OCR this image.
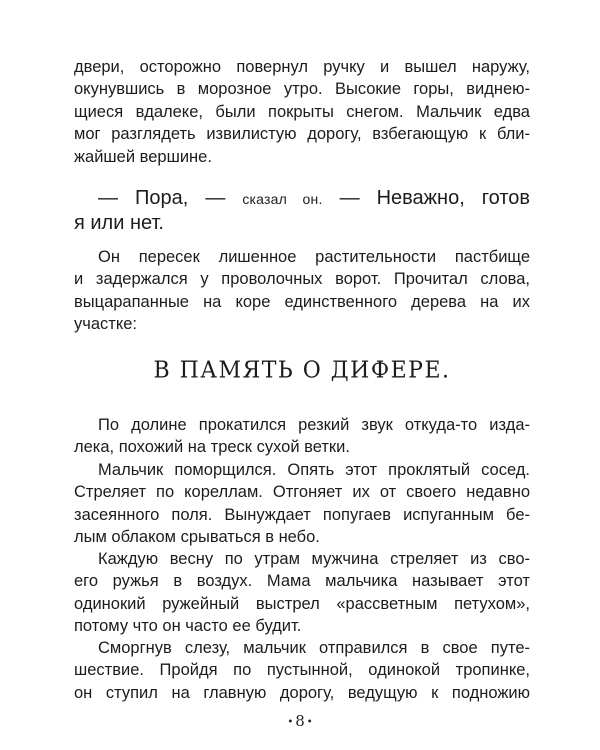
двери, осторожно повернул ручку и вышел наружу,
окунувшись в морозное утро. Высокие горы, виднею-
щиеся вдалеке, были покрыты снегом. Мальчик едва
мог разглядеть извилистую дорогу, взбегающую к бли-
жайшей вершине.

— Пора, — сказал он. — Неважно, готов
я или нет.

Он пересек лишенное растительности пастбище
и задержался у проволочных ворот. Прочитал слова,
выцарапанные на коре единственного дерева на их
участке:

В ПАМЯТЬ О ДИФЕРЕ.

По долине прокатился резкий звук откуда-то изда-
лека, похожий на треск сухой ветки.

Мальчик поморщился. Опять этот проклятый сосед.
Стреляет по кореллам. Отгоняет их от своего недавно
засеянного поля. Вынуждает попугаев испуганным бе-
лым облаком срываться в небо.

Каждую весну по утрам мужчина стреляет из сво-
его ружья в воздух. Мама мальчика называет этот
одинокий ружейный выстрел «рассветным петухом»,
потому что он часто ее будит.

Сморгнув слезу, мальчик отправился в свое путе-
шествие. Пройдя по пустынной, одинокой тропинке,
он ступил на главную дорогу, ведущую к подножию

• 8 •
